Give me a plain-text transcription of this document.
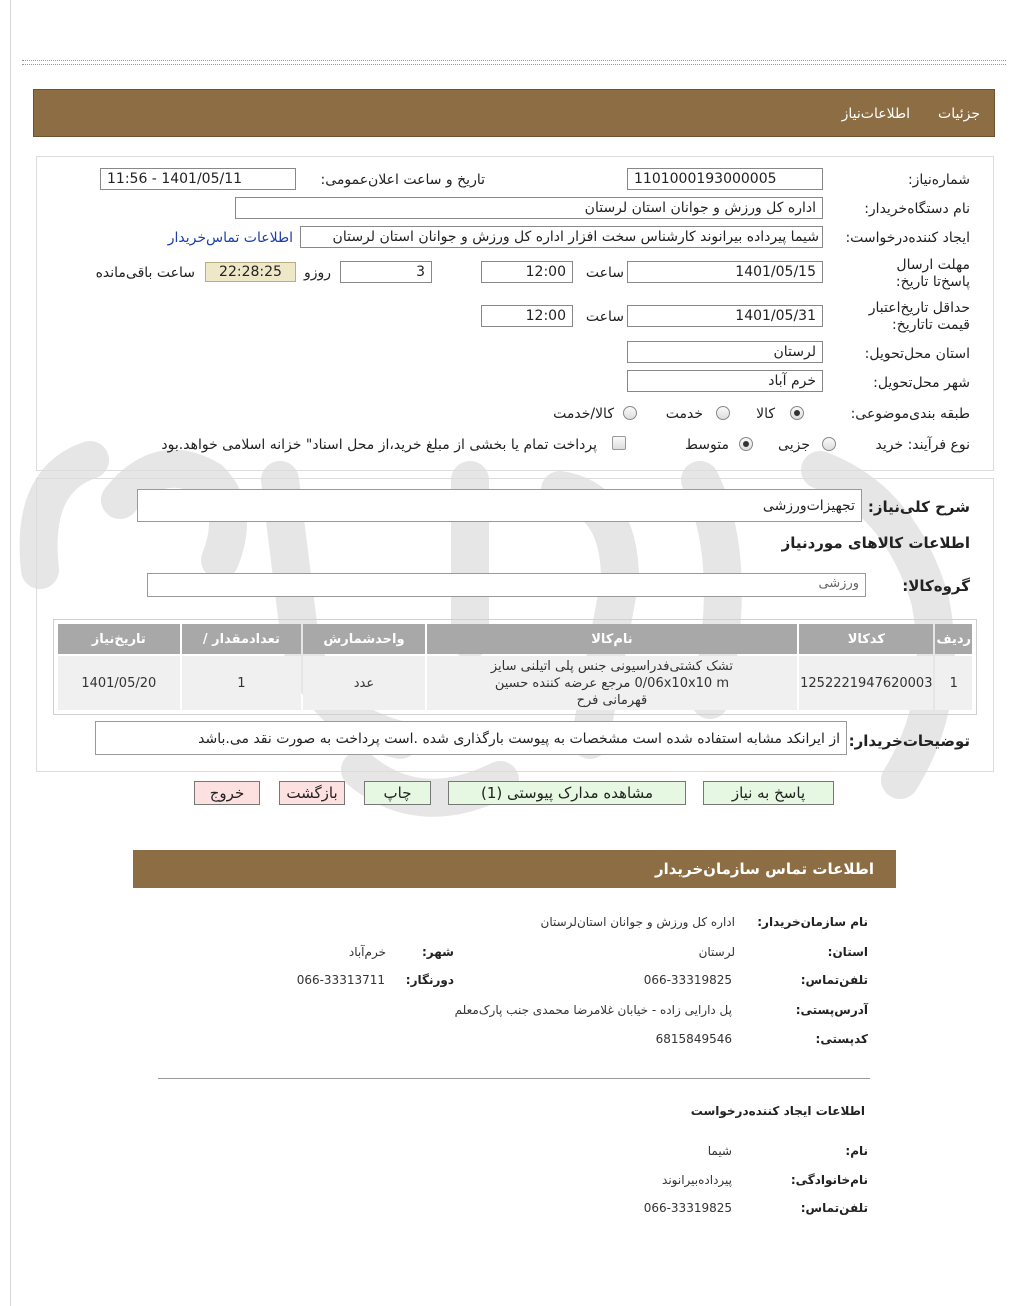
جزئیات
اطلاعات‌نیاز
شماره‌نیاز:
1101000193000005
تاریخ و ساعت اعلان‌عمومی:
1401/05/11 - 11:56
نام دستگاه‌خریدار:
اداره کل ورزش و جوانان استان لرستان
ایجاد کننده‌درخواست:
شیما پیرداده بیرانوند کارشناس سخت افزار اداره کل ورزش و جوانان استان لرستان
اطلاعات تماس‌خریدار
مهلت ارسال پاسخ‌تا تاریخ:
1401/05/15
ساعت
12:00
روزو	3
22:28:25
ساعت باقی‌مانده
حداقل تاریخ‌اعتبار قیمت تا‌تاریخ:
1401/05/31
ساعت
12:00
استان محل‌تحویل:
لرستان
شهر محل‌تحویل:
خرم آباد
طبقه بندی‌موضوعی:
کالا
خدمت
کالا/خدمت
نوع فرآیند: خرید
جزیی
متوسط
پرداخت تمام یا بخشی از مبلغ خرید،از محل اسناد" خزانه اسلامی خواهد.بود
شرح کلی‌نیاز:
تجهیزات‌ورزشی
اطلاعات کالاهای موردنیاز
گروه‌کالا:
ورزشی
ردیف	کدکالا	نام‌کالا	واحدشمارش	تعدادمقدار /	تاریخ‌نیاز
1	1252221947620003	تشک کشتی‌فدراسیونی جنس پلی اتیلنی سایز 0/06x10x10 m مرجع عرضه کننده حسین قهرمانی فرح	عدد	1	1401/05/20
توضیحات‌خریدار:
از ایرانکد مشابه استفاده شده است مشخصات به پیوست بارگذاری شده .است پرداخت به صورت نقد می.باشد
پاسخ به نیاز
مشاهده مدارک پیوستی (1)
چاپ
بازگشت
خروج
اطلاعات تماس سازمان‌خریدار
نام سازمان‌خریدار:
اداره کل ورزش و جوانان استان‌لرستان
استان:
لرستان
شهر:
خرم‌آباد
تلفن‌تماس:
066-33319825
دورنگار:
066-33313711
آدرس‌پستی:
پل دارایی زاده - خیابان غلامرضا محمدی جنب پارک‌معلم
کد‌پستی:
6815849546
اطلاعات ایجاد کننده‌درخواست
نام:
شیما
نام‌خانوادگی:
پیرداده‌بیرانوند
تلفن‌تماس:
066-33319825
